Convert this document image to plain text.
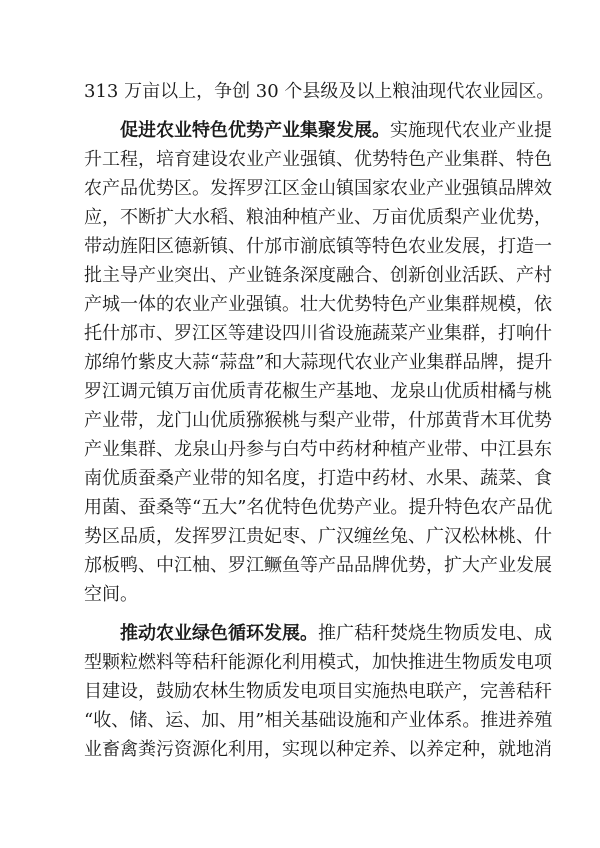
313 万亩以上，争创 30 个县级及以上粮油现代农业园区。
促进农业特色优势产业集聚发展。实施现代农业产业提
升工程，培育建设农业产业强镇、优势特色产业集群、特色
农产品优势区。发挥罗江区金山镇国家农业产业强镇品牌效
应，不断扩大水稻、粮油种植产业、万亩优质梨产业优势，
带动旌阳区德新镇、什邡市湔底镇等特色农业发展，打造一
批主导产业突出、产业链条深度融合、创新创业活跃、产村
产城一体的农业产业强镇。壮大优势特色产业集群规模，依
托什邡市、罗江区等建设四川省设施蔬菜产业集群，打响什
邡绵竹紫皮大蒜“蒜盘”和大蒜现代农业产业集群品牌，提升
罗江调元镇万亩优质青花椒生产基地、龙泉山优质柑橘与桃
产业带，龙门山优质猕猴桃与梨产业带，什邡黄背木耳优势
产业集群、龙泉山丹参与白芍中药材种植产业带、中江县东
南优质蚕桑产业带的知名度，打造中药材、水果、蔬菜、食
用菌、蚕桑等“五大”名优特色优势产业。提升特色农产品优
势区品质，发挥罗江贵妃枣、广汉缠丝兔、广汉松林桃、什
邡板鸭、中江柚、罗江鳜鱼等产品品牌优势，扩大产业发展
空间。
推动农业绿色循环发展。推广秸秆焚烧生物质发电、成
型颗粒燃料等秸秆能源化利用模式，加快推进生物质发电项
目建设，鼓励农林生物质发电项目实施热电联产，完善秸秆
“收、储、运、加、用”相关基础设施和产业体系。推进养殖
业畜禽粪污资源化利用，实现以种定养、以养定种，就地消
